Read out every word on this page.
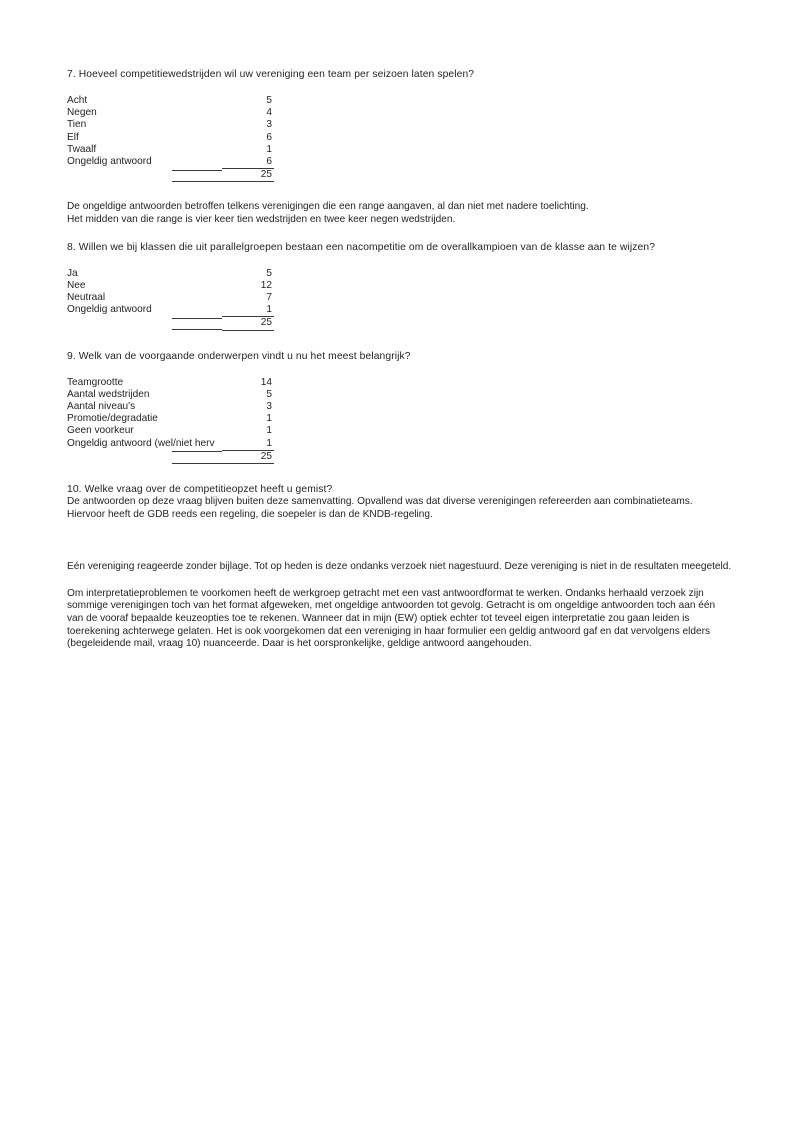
7. Hoeveel competitiewedstrijden wil uw vereniging een team per seizoen laten spelen?
Acht	5
Negen	4
Tien	3
Elf	6
Twaalf	1
Ongeldig antwoord	6

	25

De ongeldige antwoorden betroffen telkens verenigingen die een range aangaven, al dan niet met nadere toelichting.
Het midden van die range is vier keer tien wedstrijden en twee keer negen wedstrijden.

8. Willen we bij klassen die uit parallelgroepen bestaan een nacompetitie om de overallkampioen van de klasse aan te wijzen?
Ja	5
Nee	12
Neutraal	7
Ongeldig antwoord	1

	25
9. Welk van de voorgaande onderwerpen vindt u nu het meest belangrijk?
Teamgrootte	14
Aantal wedstrijden	5
Aantal niveau's	3
Promotie/degradatie	1
Geen voorkeur	1
Ongeldig antwoord (wel/niet herv	1

	25
10. Welke vraag over de competitieopzet heeft u gemist?

De antwoorden op deze vraag blijven buiten deze samenvatting. Opvallend was dat diverse verenigingen refereerden aan combinatieteams.
Hiervoor heeft de GDB reeds een regeling, die soepeler is dan de KNDB-regeling.

Eén vereniging reageerde zonder bijlage. Tot op heden is deze ondanks verzoek niet nagestuurd. Deze vereniging is niet in de resultaten meegeteld.

Om interpretatieproblemen te voorkomen heeft de werkgroep getracht met een vast antwoordformat te werken. Ondanks herhaald verzoek zijn
sommige verenigingen toch van het format afgeweken, met ongeldige antwoorden tot gevolg. Getracht is om ongeldige antwoorden toch aan één
van de vooraf bepaalde keuzeopties toe te rekenen. Wanneer dat in mijn (EW) optiek echter tot teveel eigen interpretatie zou gaan leiden is
toerekening achterwege gelaten. Het is ook voorgekomen dat een vereniging in haar formulier een geldig antwoord gaf en dat vervolgens elders
(begeleidende mail, vraag 10) nuanceerde. Daar is het oorspronkelijke, geldige antwoord aangehouden.
